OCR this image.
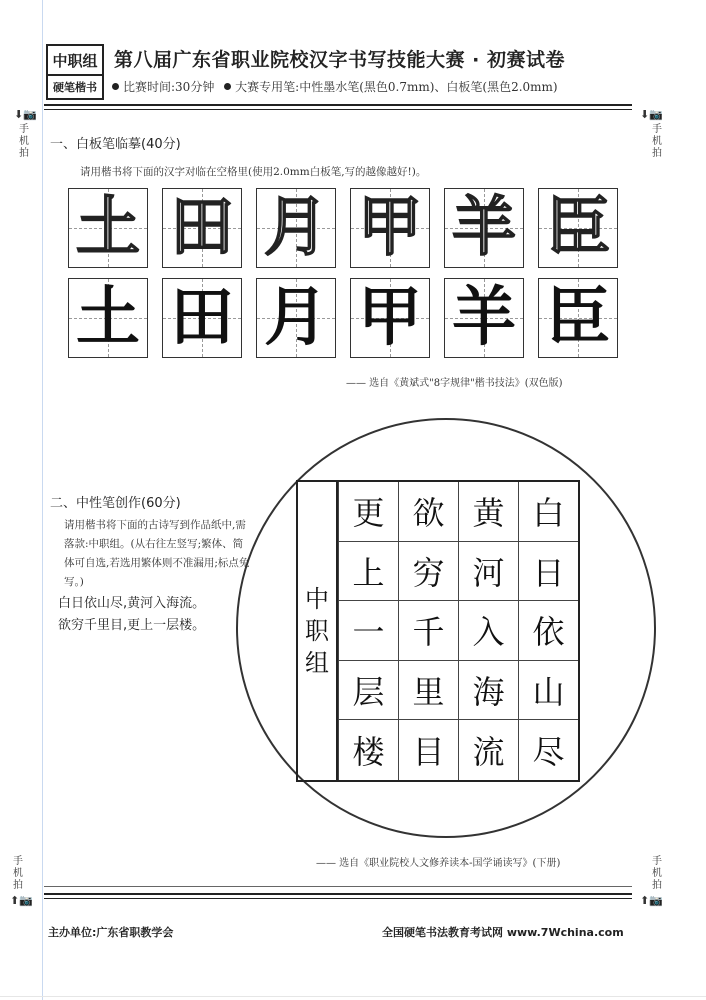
中职组
硬笔楷书
第八届广东省职业院校汉字书写技能大赛 · 初赛试卷
比赛时间:30分钟 大赛专用笔:中性墨水笔(黑色0.7mm)、白板笔(黑色2.0mm)
⬇📷
手
机
拍
⬇📷
手
机
拍
手
机
拍
⬆📷
手
机
拍
⬆📷
一、白板笔临摹(40分)
请用楷书将下面的汉字对临在空格里(使用2.0mm白板笔,写的越像越好!)。
土 田 月 甲 羊 臣
土 田 月 甲 羊 臣
—— 选自《黄斌式"8字规律"楷书技法》(双色版)
二、中性笔创作(60分)
请用楷书将下面的古诗写到作品纸中,需落款:中职组。(从右往左竖写;繁体、简体可自选,若选用繁体则不准漏用;标点免写。)
白日依山尽,黄河入海流。
欲穷千里目,更上一层楼。
中
职
组
更
上
一
层
楼
欲
穷
千
里
目
黄
河
入
海
流
白
日
依
山
尽
—— 选自《职业院校人文修养读本-国学诵读写》(下册)
主办单位:广东省职教学会	全国硬笔书法教育考试网 www.7Wchina.com
